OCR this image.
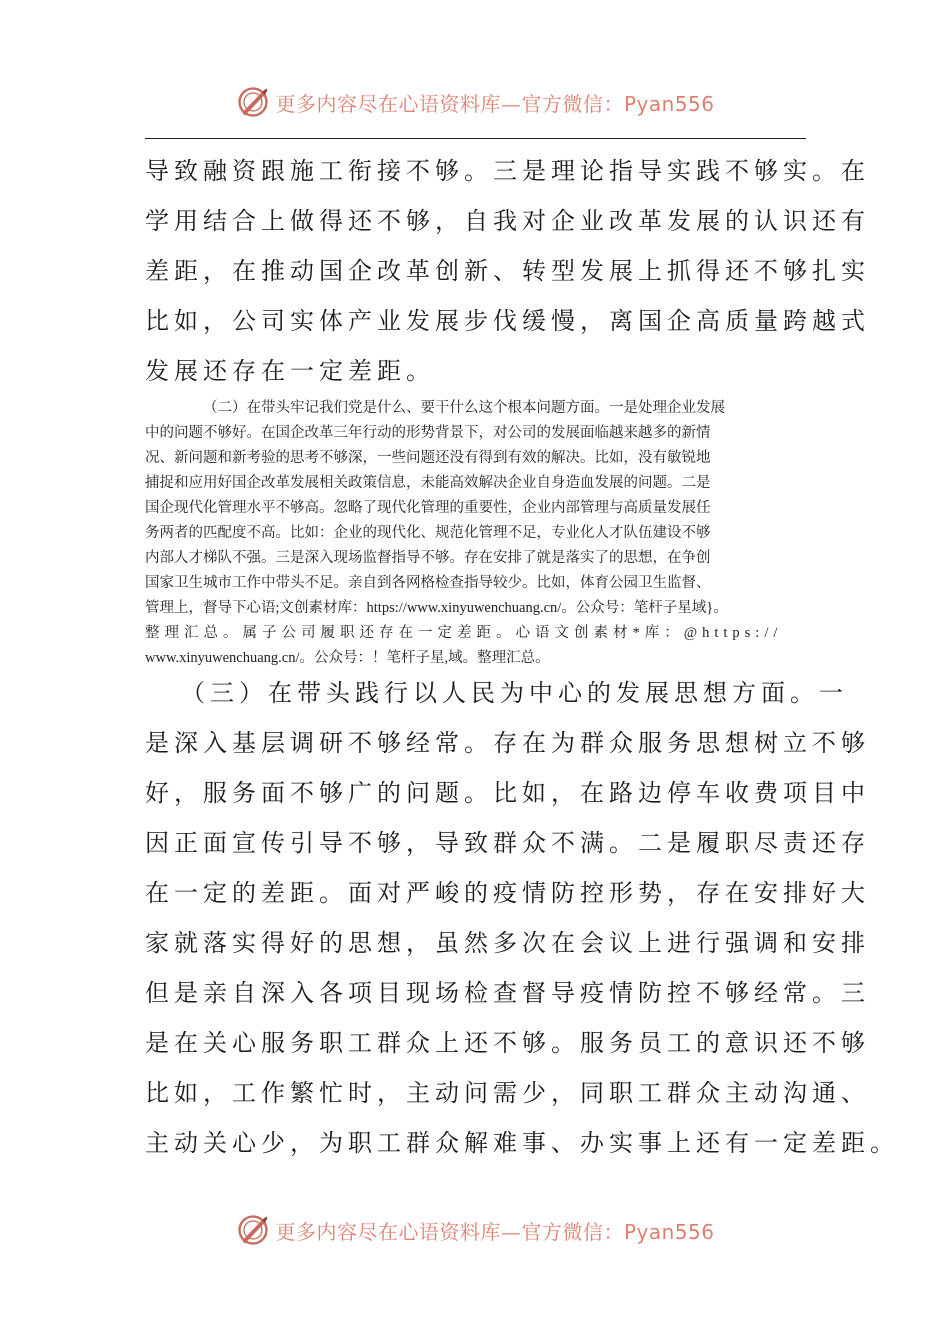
更多内容尽在心语资料库—官方微信：Pyan556

导致融资跟施工衔接不够。三是理论指导实践不够实。在

学用结合上做得还不够，自我对企业改革发展的认识还有

差距，在推动国企改革创新、转型发展上抓得还不够扎实

比如，公司实体产业发展步伐缓慢，离国企高质量跨越式

发展还存在一定差距。

（二）在带头牢记我们党是什么、要干什么这个根本问题方面。一是处理企业发展

中的问题不够好。在国企改革三年行动的形势背景下，对公司的发展面临越来越多的新情

况、新问题和新考验的思考不够深，一些问题还没有得到有效的解决。比如，没有敏锐地

捕捉和应用好国企改革发展相关政策信息，未能高效解决企业自身造血发展的问题。二是

国企现代化管理水平不够高。忽略了现代化管理的重要性，企业内部管理与高质量发展任

务两者的匹配度不高。比如：企业的现代化、规范化管理不足，专业化人才队伍建设不够

内部人才梯队不强。三是深入现场监督指导不够。存在安排了就是落实了的思想，在争创

国家卫生城市工作中带头不足。亲自到各网格检查指导较少。比如，体育公园卫生监督、

管理上，督导下心语;文创素材库：https://www.xinyuwenchuang.cn/。公众号：笔杆子星域}。

整理汇总。属子公司履职还存在一定差距。心语文创素材*库：@https://

www.xinyuwenchuang.cn/。公众号：！笔杆子星,域。整理汇总。

（三）在带头践行以人民为中心的发展思想方面。一

是深入基层调研不够经常。存在为群众服务思想树立不够

好，服务面不够广的问题。比如，在路边停车收费项目中

因正面宣传引导不够，导致群众不满。二是履职尽责还存

在一定的差距。面对严峻的疫情防控形势，存在安排好大

家就落实得好的思想，虽然多次在会议上进行强调和安排

但是亲自深入各项目现场检查督导疫情防控不够经常。三

是在关心服务职工群众上还不够。服务员工的意识还不够

比如，工作繁忙时，主动问需少，同职工群众主动沟通、

主动关心少，为职工群众解难事、办实事上还有一定差距。

更多内容尽在心语资料库—官方微信：Pyan556
